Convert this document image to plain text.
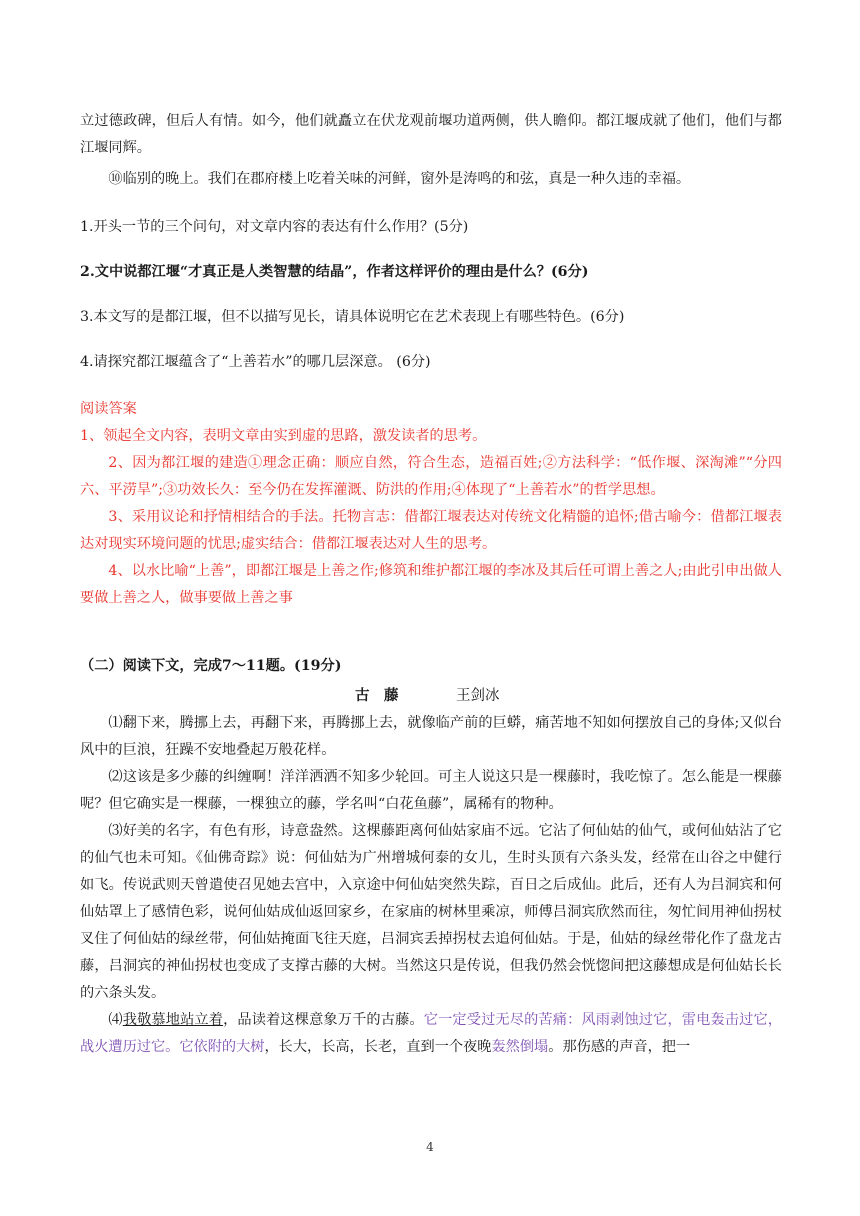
立过德政碑，但后人有情。如今，他们就矗立在伏龙观前堰功道两侧，供人瞻仰。都江堰成就了他们，他们与都江堰同辉。

⑩临别的晚上。我们在郡府楼上吃着关味的河鲜，窗外是涛鸣的和弦，真是一种久违的幸福。

1.开头一节的三个问句，对文章内容的表达有什么作用？(5分)

2.文中说都江堰“才真正是人类智慧的结晶”，作者这样评价的理由是什么？(6分)

3.本文写的是都江堰，但不以描写见长，请具体说明它在艺术表现上有哪些特色。(6分)

4.请探究都江堰蕴含了“上善若水”的哪几层深意。 (6分)

阅读答案

1、领起全文内容，表明文章由实到虚的思路，激发读者的思考。

2、因为都江堰的建造①理念正确：顺应自然，符合生态，造福百姓;②方法科学：“低作堰、深淘滩”“分四六、平涝旱”;③功效长久：至今仍在发挥灌溉、防洪的作用;④体现了“上善若水”的哲学思想。

3、采用议论和抒情相结合的手法。托物言志：借都江堰表达对传统文化精髓的追怀;借古喻今：借都江堰表达对现实环境问题的忧思;虚实结合：借都江堰表达对人生的思考。

4、以水比喻“上善”，即都江堰是上善之作;修筑和维护都江堰的李冰及其后任可谓上善之人;由此引申出做人要做上善之人，做事要做上善之事

（二）阅读下文，完成7～11题。(19分)
古　藤	王剑冰

⑴翻下来，腾挪上去，再翻下来，再腾挪上去，就像临产前的巨蟒，痛苦地不知如何摆放自己的身体;又似台风中的巨浪，狂躁不安地叠起万般花样。

⑵这该是多少藤的纠缠啊！洋洋洒洒不知多少轮回。可主人说这只是一棵藤时，我吃惊了。怎么能是一棵藤呢？但它确实是一棵藤，一棵独立的藤，学名叫“白花鱼藤”，属稀有的物种。

⑶好美的名字，有色有形，诗意盎然。这棵藤距离何仙姑家庙不远。它沾了何仙姑的仙气，或何仙姑沾了它的仙气也未可知。《仙佛奇踪》说：何仙姑为广州增城何泰的女儿，生时头顶有六条头发，经常在山谷之中健行如飞。传说武则天曾遣使召见她去宫中，入京途中何仙姑突然失踪，百日之后成仙。此后，还有人为吕洞宾和何仙姑罩上了感情色彩，说何仙姑成仙返回家乡，在家庙的树林里乘凉，师傅吕洞宾欣然而往，匆忙间用神仙拐杖叉住了何仙姑的绿丝带，何仙姑掩面飞往天庭，吕洞宾丢掉拐杖去追何仙姑。于是，仙姑的绿丝带化作了盘龙古藤，吕洞宾的神仙拐杖也变成了支撑古藤的大树。当然这只是传说，但我仍然会恍惚间把这藤想成是何仙姑长长的六条头发。

⑷我敬慕地站立着，品读着这棵意象万千的古藤。它一定受过无尽的苦痛：风雨剥蚀过它，雷电轰击过它，战火遭历过它。它依附的大树，长大，长高，长老，直到一个夜晚轰然倒塌。那伤感的声音，把一

4
